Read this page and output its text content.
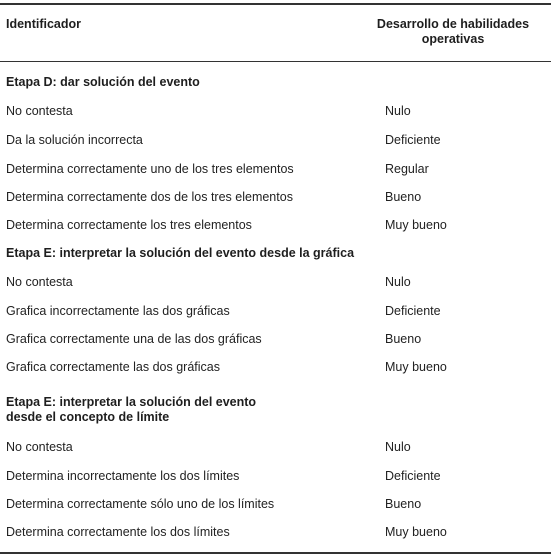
Identificador	Desarrollo de habilidades
operativas
Etapa D: dar solución del evento
No contesta	Nulo
Da la solución incorrecta	Deficiente
Determina correctamente uno de los tres elementos	Regular
Determina correctamente dos de los tres elementos	Bueno
Determina correctamente los tres elementos	Muy bueno
Etapa E: interpretar la solución del evento desde la gráfica
No contesta	Nulo
Grafica incorrectamente las dos gráficas	Deficiente
Grafica correctamente una de las dos gráficas	Bueno
Grafica correctamente las dos gráficas	Muy bueno
Etapa E: interpretar la solución del evento
desde el concepto de límite
No contesta	Nulo
Determina incorrectamente los dos límites	Deficiente
Determina correctamente sólo uno de los límites	Bueno
Determina correctamente los dos límites	Muy bueno
